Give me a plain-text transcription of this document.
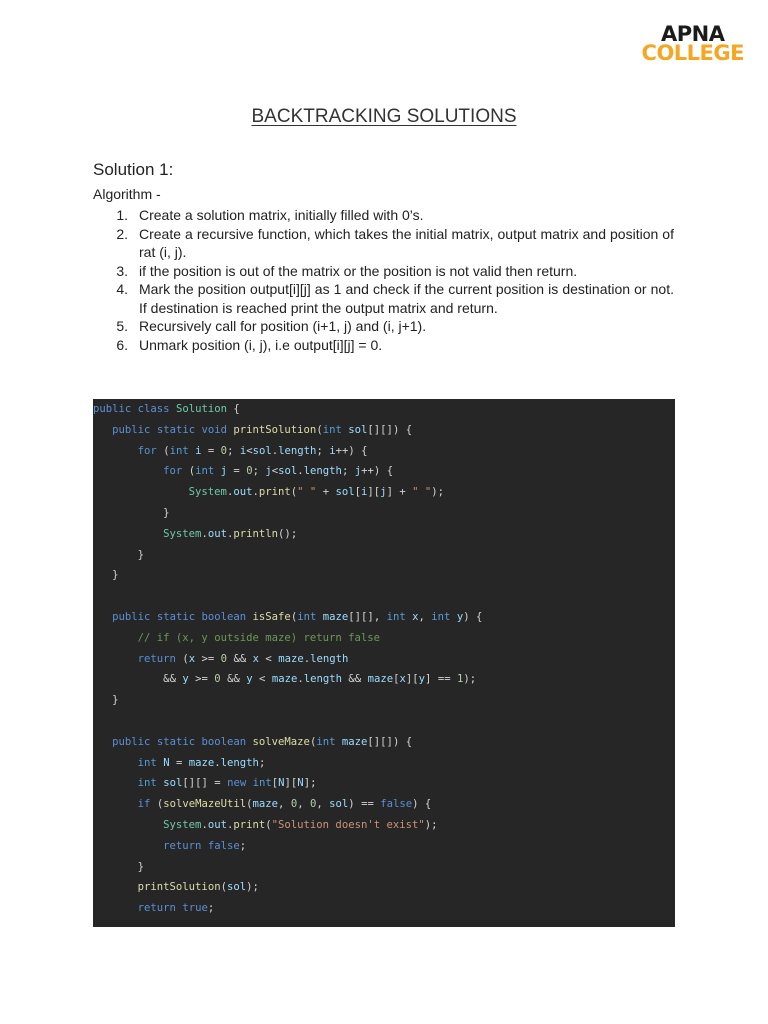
APNA
COLLEGE
BACKTRACKING SOLUTIONS
Solution 1:
Algorithm -
1. Create a solution matrix, initially filled with 0’s.
2. Create a recursive function, which takes the initial matrix, output matrix and position of rat (i, j).
3. if the position is out of the matrix or the position is not valid then return.
4. Mark the position output[i][j] as 1 and check if the current position is destination or not. If destination is reached print the output matrix and return.
5. Recursively call for position (i+1, j) and (i, j+1).
6. Unmark position (i, j), i.e output[i][j] = 0.
public class Solution {
public static void printSolution(int sol[][]) {
for (int i = 0; i<sol.length; i++) {
for (int j = 0; j<sol.length; j++) {
System.out.print(" " + sol[i][j] + " ");
}
System.out.println();
}
}
public static boolean isSafe(int maze[][], int x, int y) {
// if (x, y outside maze) return false
return (x >= 0 && x < maze.length
&& y >= 0 && y < maze.length && maze[x][y] == 1);
}
public static boolean solveMaze(int maze[][]) {
int N = maze.length;
int sol[][] = new int[N][N];
if (solveMazeUtil(maze, 0, 0, sol) == false) {
System.out.print("Solution doesn't exist");
return false;
}
printSolution(sol);
return true;
